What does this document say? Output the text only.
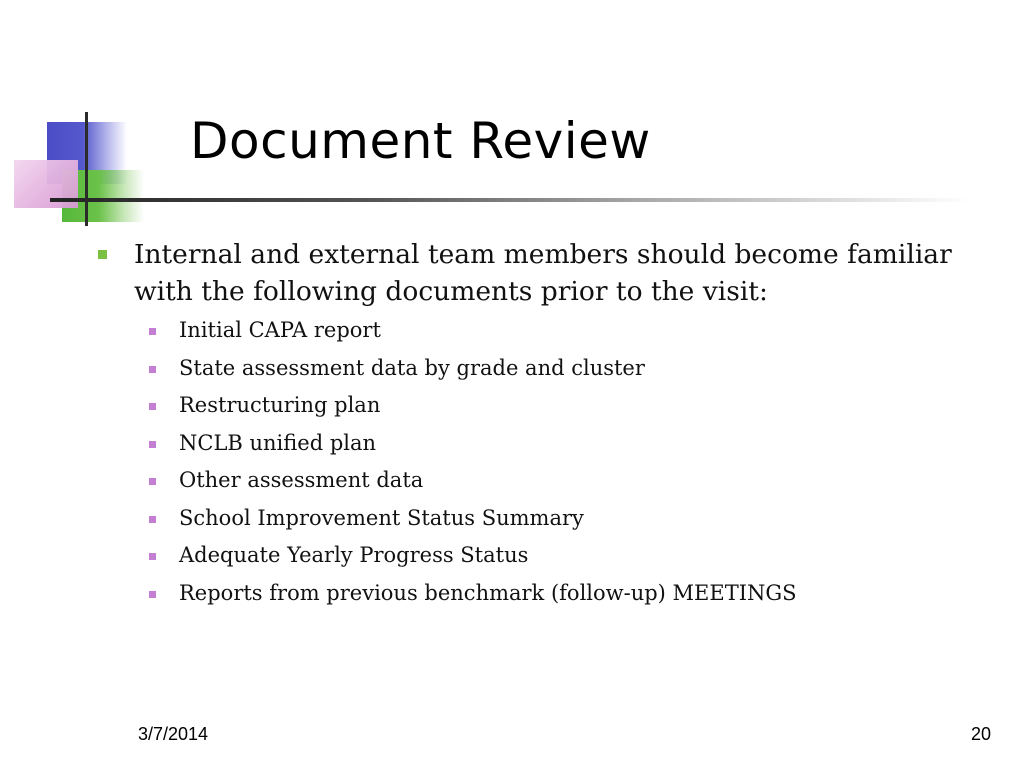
Document Review
Internal and external team members should become familiar with the following documents prior to the visit:
Initial CAPA report
State assessment data by grade and cluster
Restructuring plan
NCLB unified plan
Other assessment data
School Improvement Status Summary
Adequate Yearly Progress Status
Reports from previous benchmark (follow-up) MEETINGS
3/7/2014	20
